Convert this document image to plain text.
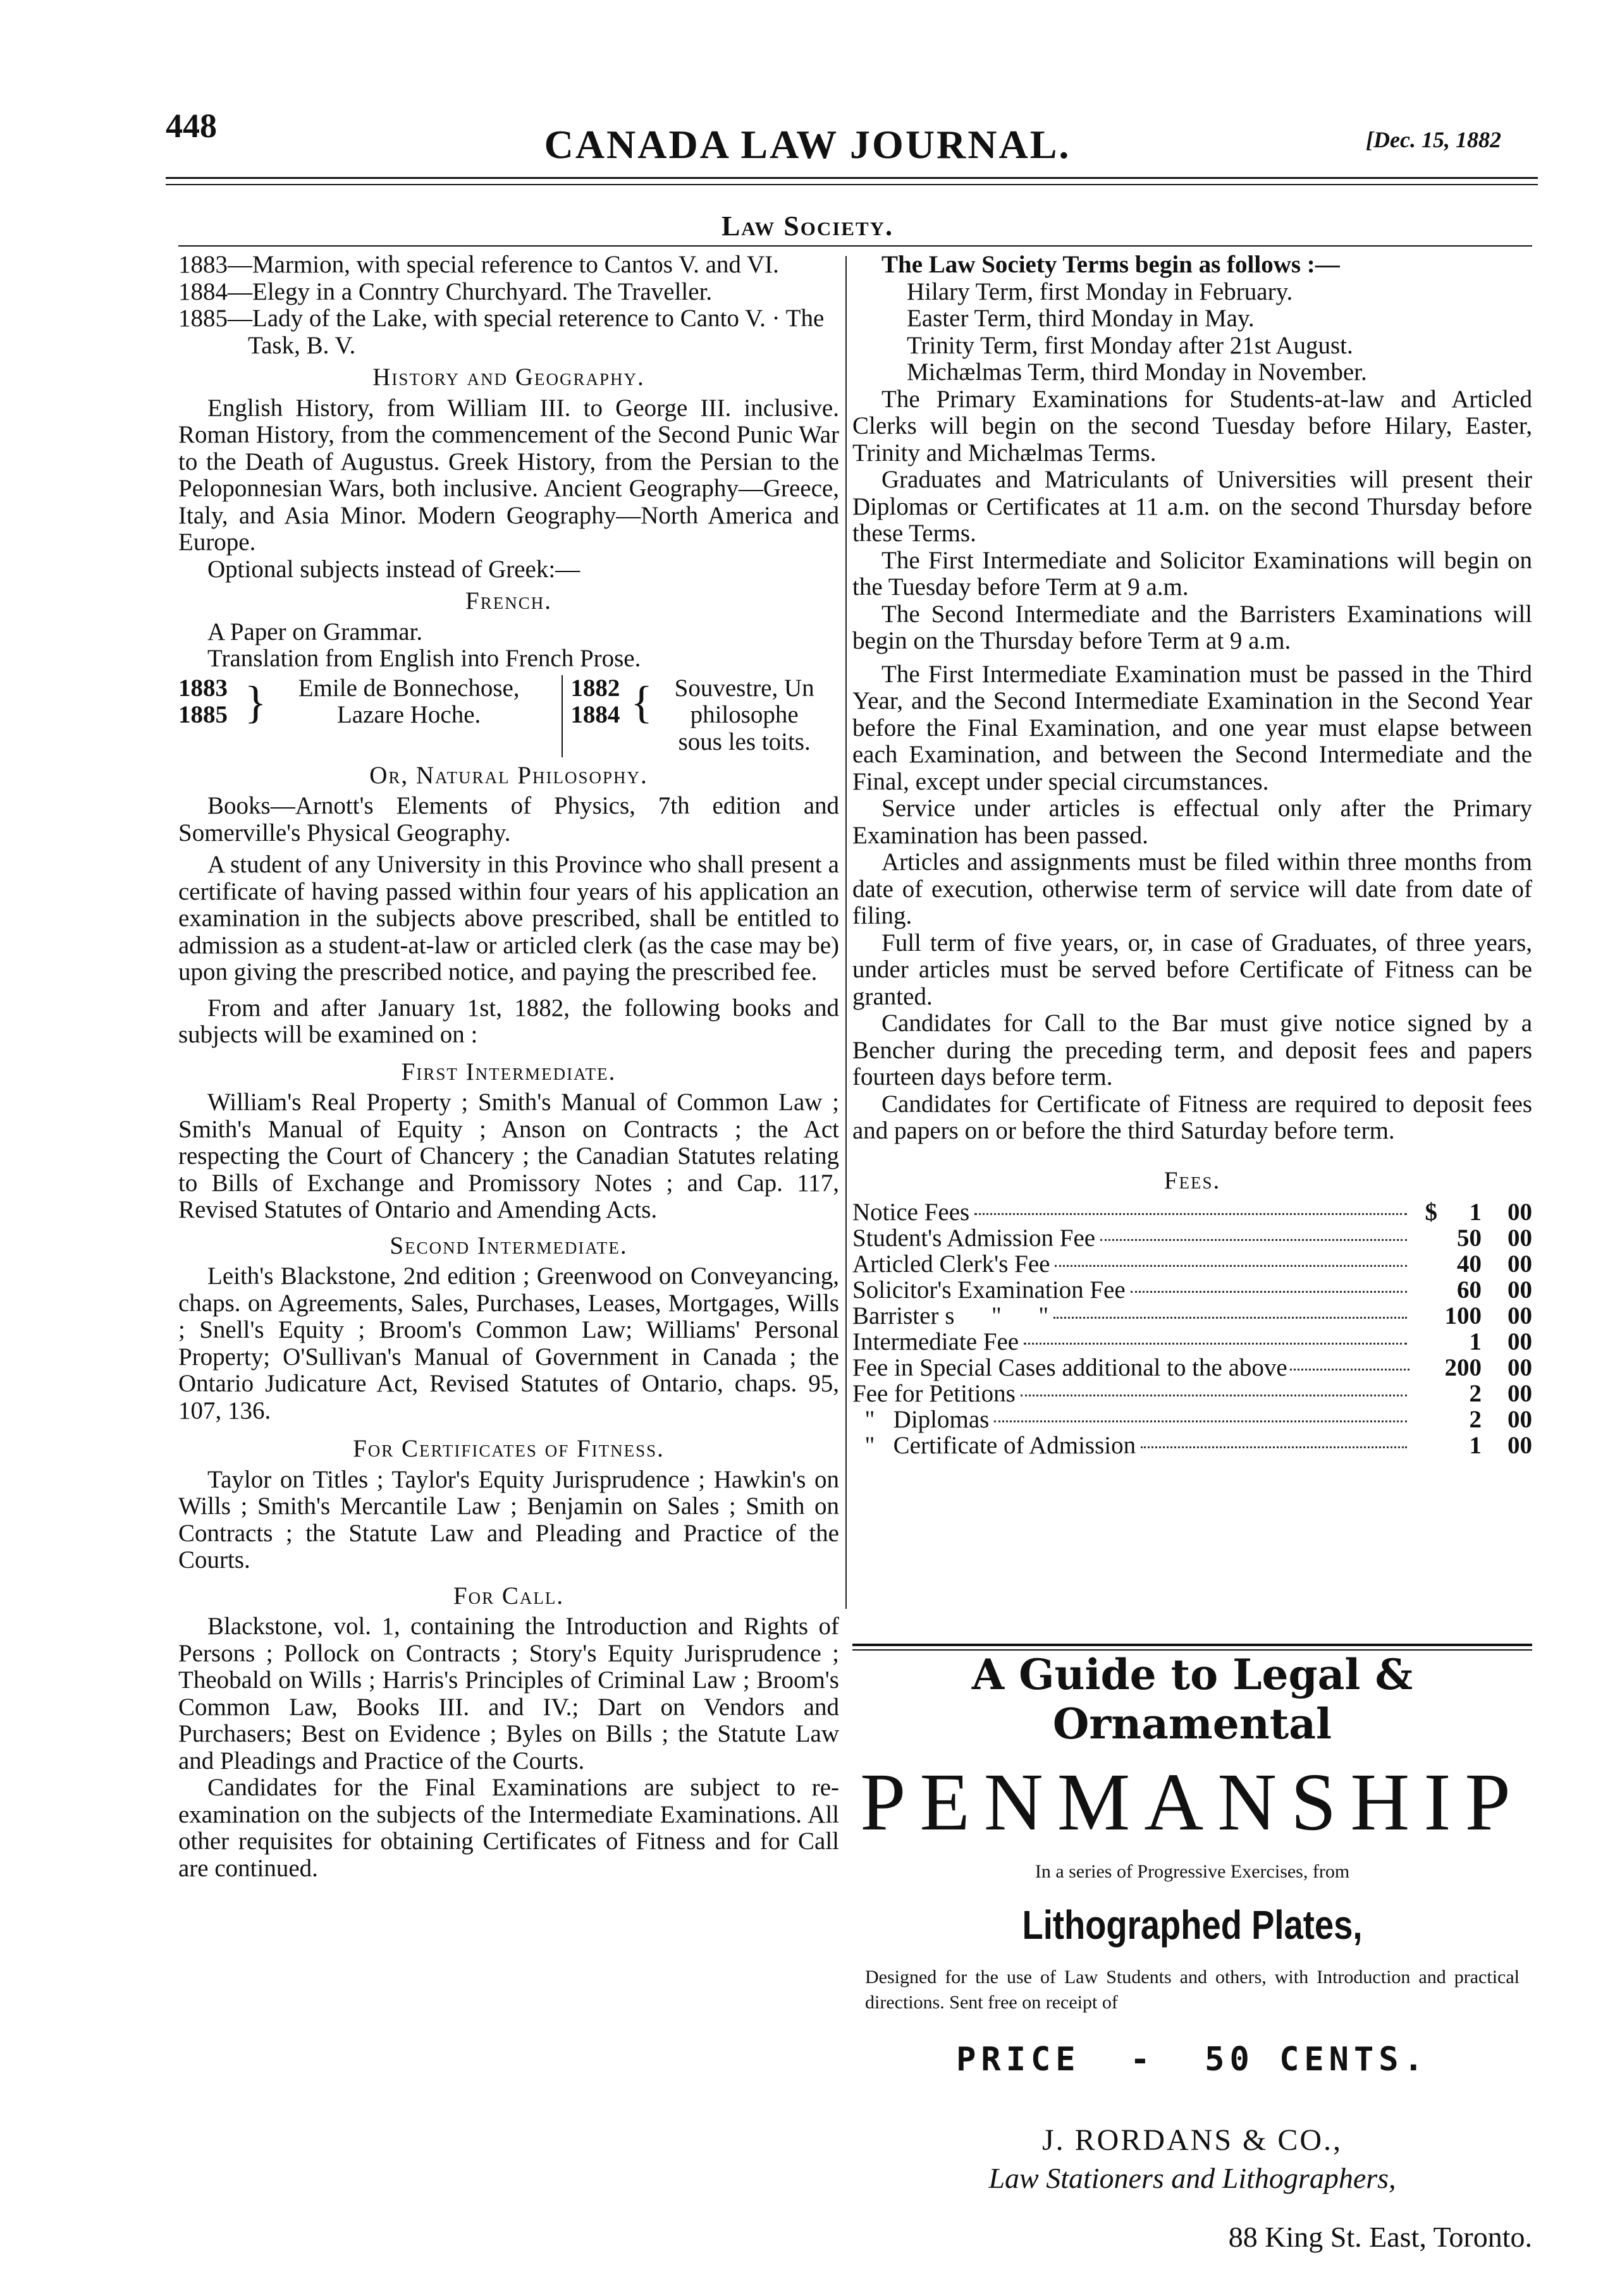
448	CANADA LAW JOURNAL.	[Dec. 15, 1882
Law Society.

1883—Marmion, with special reference to Cantos V. and VI.

1884—Elegy in a Conntry Churchyard. The Traveller.

1885—Lady of the Lake, with special reterence to Canto V. · The Task, B. V.

History and Geography.

English History, from William III. to George III. inclusive. Roman History, from the commencement of the Second Punic War to the Death of Augustus. Greek History, from the Persian to the Peloponnesian Wars, both inclusive. Ancient Geography—Greece, Italy, and Asia Minor. Modern Geography—North America and Europe.

Optional subjects instead of Greek:—

French.

A Paper on Grammar.

Translation from English into French Prose.

1883
1885 }	Emile de Bonnechose,
Lazare Hoche.
1882
1884 { Souvestre, Un
philosophe
sous les toits.
Or, Natural Philosophy.

Books—Arnott's Elements of Physics, 7th edition and Somerville's Physical Geography.

A student of any University in this Province who shall present a certificate of having passed within four years of his application an examination in the subjects above prescribed, shall be entitled to admission as a student-at-law or articled clerk (as the case may be) upon giving the prescribed notice, and paying the prescribed fee.

From and after January 1st, 1882, the following books and subjects will be examined on :

First Intermediate.

William's Real Property ; Smith's Manual of Common Law ; Smith's Manual of Equity ; Anson on Contracts ; the Act respecting the Court of Chancery ; the Canadian Statutes relating to Bills of Exchange and Promissory Notes ; and Cap. 117, Revised Statutes of Ontario and Amending Acts.

Second Intermediate.

Leith's Blackstone, 2nd edition ; Greenwood on Conveyancing, chaps. on Agreements, Sales, Purchases, Leases, Mortgages, Wills ; Snell's Equity ; Broom's Common Law; Williams' Personal Property; O'Sullivan's Manual of Government in Canada ; the Ontario Judicature Act, Revised Statutes of Ontario, chaps. 95, 107, 136.

For Certificates of Fitness.

Taylor on Titles ; Taylor's Equity Jurisprudence ; Hawkin's on Wills ; Smith's Mercantile Law ; Benjamin on Sales ; Smith on Contracts ; the Statute Law and Pleading and Practice of the Courts.

For Call.

Blackstone, vol. 1, containing the Introduction and Rights of Persons ; Pollock on Contracts ; Story's Equity Jurisprudence ; Theobald on Wills ; Harris's Principles of Criminal Law ; Broom's Common Law, Books III. and IV.; Dart on Vendors and Purchasers; Best on Evidence ; Byles on Bills ; the Statute Law and Pleadings and Practice of the Courts.

Candidates for the Final Examinations are subject to re-examination on the subjects of the Intermediate Examinations. All other requisites for obtaining Certificates of Fitness and for Call are continued.

The Law Society Terms begin as follows :—

Hilary Term, first Monday in February.

Easter Term, third Monday in May.

Trinity Term, first Monday after 21st August.

Michælmas Term, third Monday in November.

The Primary Examinations for Students-at-law and Articled Clerks will begin on the second Tuesday before Hilary, Easter, Trinity and Michælmas Terms.

Graduates and Matriculants of Universities will present their Diplomas or Certificates at 11 a.m. on the second Thursday before these Terms.

The First Intermediate and Solicitor Examinations will begin on the Tuesday before Term at 9 a.m.

The Second Intermediate and the Barristers Examinations will begin on the Thursday before Term at 9 a.m.

The First Intermediate Examination must be passed in the Third Year, and the Second Intermediate Examination in the Second Year before the Final Examination, and one year must elapse between each Examination, and between the Second Intermediate and the Final, except under special circumstances.

Service under articles is effectual only after the Primary Examination has been passed.

Articles and assignments must be filed within three months from date of execution, otherwise term of service will date from date of filing.

Full term of five years, or, in case of Graduates, of three years, under articles must be served before Certificate of Fitness can be granted.

Candidates for Call to the Bar must give notice signed by a Bencher during the preceding term, and deposit fees and papers fourteen days before term.

Candidates for Certificate of Fitness are required to deposit fees and papers on or before the third Saturday before term.

Fees.
Notice Fees	$	1	00
Student's Admission Fee	50	00
Articled Clerk's Fee	40	00
Solicitor's Examination Fee	60	00
Barrister s      "      "	100	00
Intermediate Fee	1	00
Fee in Special Cases additional to the above	200	00
Fee for Petitions	2	00
"   Diplomas	2	00
"   Certificate of Admission	1	00
A Guide to Legal & Ornamental
PENMANSHIP
In a series of Progressive Exercises, from
Lithographed Plates,
Designed for the use of Law Students and others, with Introduction and practical directions. Sent free on receipt of
PRICE  -  50 CENTS.
J. RORDANS & CO.,
Law Stationers and Lithographers,
88 King St. East, Toronto.
